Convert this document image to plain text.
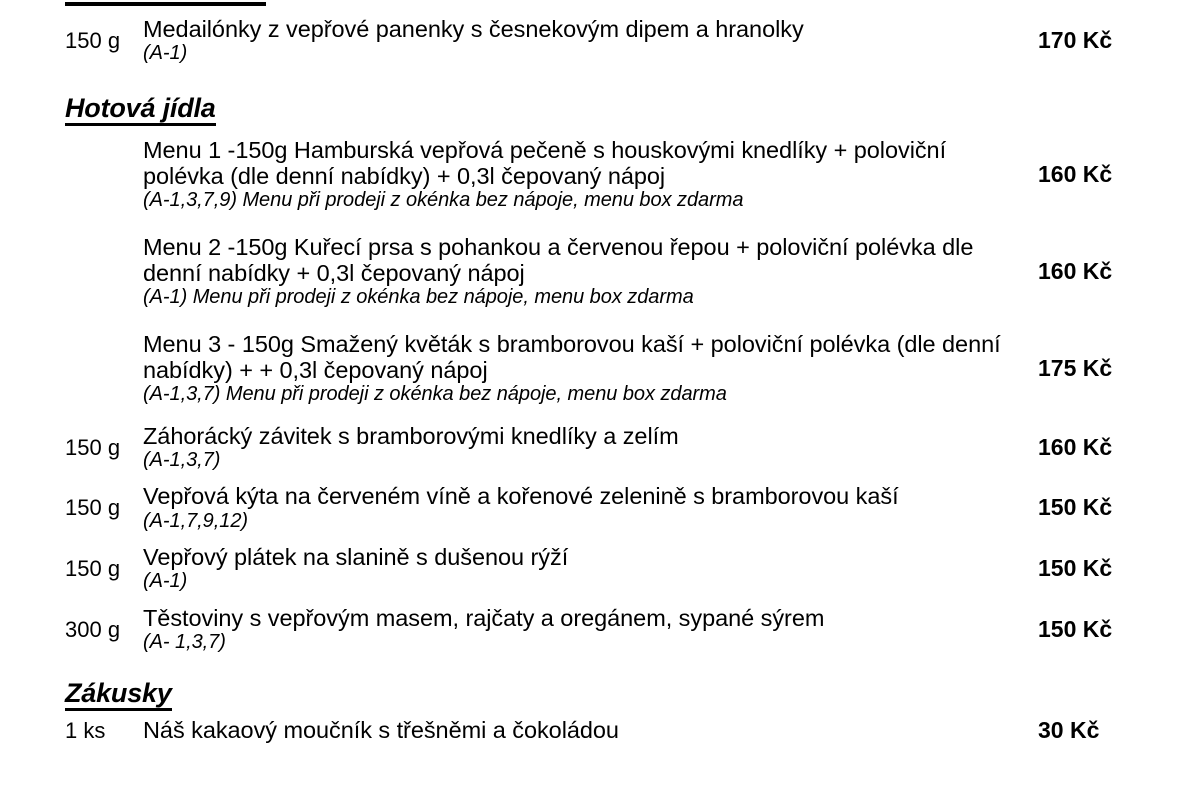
150 g Medailónky z vepřové panenky s česnekovým dipem a hranolky
(A-1)
170 Kč
Hotová jídla
Menu 1 -150g Hamburská vepřová pečeně s houskovými knedlíky + poloviční polévka (dle denní nabídky) + 0,3l čepovaný nápoj
(A-1,3,7,9) Menu při prodeji z okénka bez nápoje, menu box zdarma
160 Kč
Menu 2 -150g Kuřecí prsa s pohankou a červenou řepou + poloviční polévka dle denní nabídky + 0,3l čepovaný nápoj
(A-1) Menu při prodeji z okénka bez nápoje, menu box zdarma
160 Kč
Menu 3 - 150g Smažený květák s bramborovou kaší + poloviční polévka (dle denní nabídky) + + 0,3l čepovaný nápoj
(A-1,3,7) Menu při prodeji z okénka bez nápoje, menu box zdarma
175 Kč
150 g Záhorácký závitek s bramborovými knedlíky a zelím
(A-1,3,7)
160 Kč
150 g Vepřová kýta na červeném víně a kořenové zelenině s bramborovou kaší
(A-1,7,9,12)
150 Kč
150 g Vepřový plátek na slanině s dušenou rýží
(A-1)
150 Kč
300 g Těstoviny s vepřovým masem, rajčaty a oregánem, sypané sýrem
(A- 1,3,7)
150 Kč
Zákusky
1 ks	Náš kakaový moučník s třešněmi a čokoládou	30 Kč
